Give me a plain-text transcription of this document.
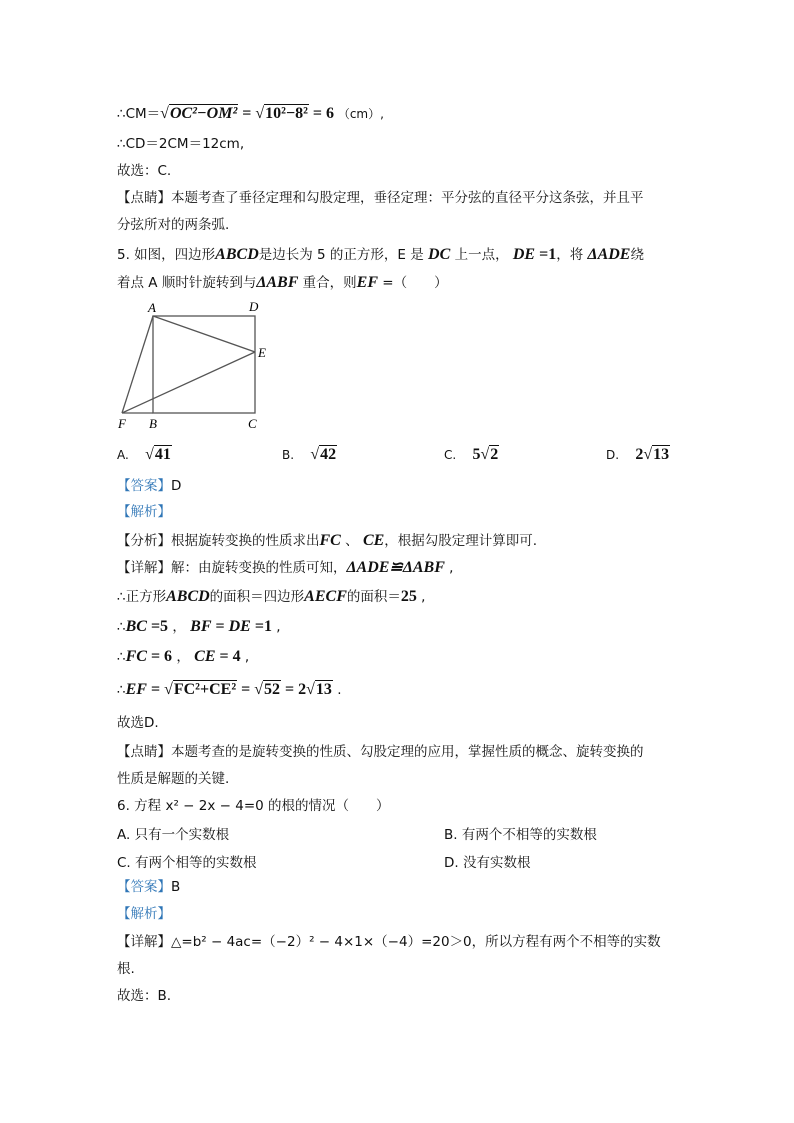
∴CM＝√OC²−OM² = √10²−8² = 6 （cm）,
∴CD＝2CM＝12cm,
故选：C.
【点睛】本题考查了垂径定理和勾股定理，垂径定理：平分弦的直径平分这条弦，并且平
分弦所对的两条弧.
5. 如图，四边形ABCD是边长为 5 的正方形，E 是 DC 上一点， DE =1，将 ΔADE绕
着点 A 顺时针旋转到与ΔABF 重合，则EF =（　　）
【答案】D
【解析】
【分析】根据旋转变换的性质求出FC 、 CE，根据勾股定理计算即可.
【详解】解：由旋转变换的性质可知，ΔADE≌ΔABF ,
∴正方形ABCD的面积＝四边形AECF的面积＝25 ,
∴BC =5 ， BF = DE =1 ,
∴FC = 6 ， CE = 4 ,
∴EF = √FC²+CE² = √52 = 2√13 .
故选D.
【点睛】本题考查的是旋转变换的性质、勾股定理的应用，掌握性质的概念、旋转变换的
性质是解题的关键.
6. 方程 x² − 2x − 4=0 的根的情况（　　）
【答案】B
【解析】
【详解】△=b² − 4ac=（−2）² − 4×1×（−4）=20＞0，所以方程有两个不相等的实数
根.
故选：B.
A	D
E
F B	C
A. √41	B. √42	C. 5√2	D. 2√13
A. 只有一个实数根	B. 有两个不相等的实数根
C. 有两个相等的实数根	D. 没有实数根
